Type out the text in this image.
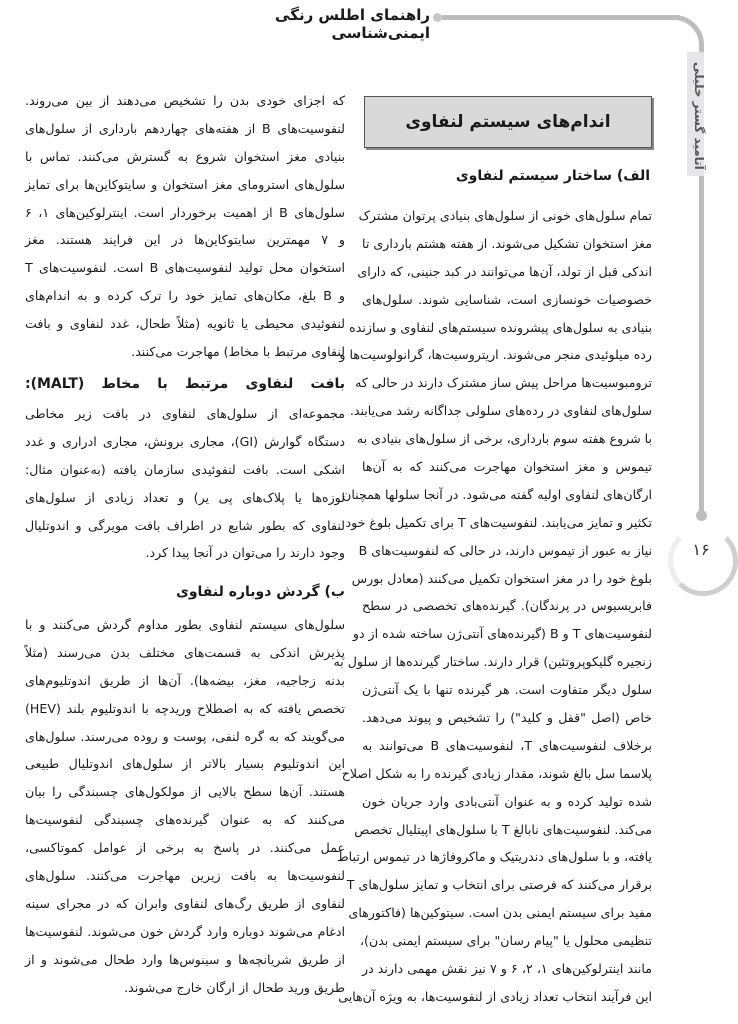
راهنمای اطلس رنگی ایمنی‌شناسی
آتامید گستر خلیلی
۱۶
اندام‌های سیستم لنفاوی
الف) ساختار سیستم لنفاوی
تمام سلول‌های خونی از سلول‌های بنیادی پرتوان مشترک
مغز استخوان تشکیل می‌شوند. از هفته هشتم بارداری تا
اندکی قبل از تولد، آن‌ها می‌توانند در کبد جنینی، که دارای
خصوصیات خونسازی است، شناسایی شوند. سلول‌های
بنیادی به سلول‌های پیشرونده سیستم‌های لنفاوی و سازنده
رده میلوئیدی منجر می‌شوند. اریتروسیت‌ها، گرانولوسیت‌ها و
ترومبوسیت‌ها مراحل پیش ساز مشترک دارند در حالی که
سلول‌های لنفاوی در رده‌های سلولی جداگانه رشد می‌یابند.
با شروع هفته سوم بارداری، برخی از سلول‌های بنیادی به
تیموس و مغز استخوان مهاجرت می‌کنند که به آن‌ها
ارگان‌های لنفاوی اولیه گفته می‌شود. در آنجا سلولها همچنان
تکثیر و تمایز می‌یابند. لنفوسیت‌های T برای تکمیل بلوغ خود
نیاز به عبور از تیموس دارند، در حالی که لنفوسیت‌های B
بلوغ خود را در مغز استخوان تکمیل می‌کنند (معادل بورس
فابریسیوس در پرندگان). گیرنده‌های تخصصی در سطح
لنفوسیت‌های T و B (گیرنده‌های آنتی‌ژن ساخته شده از دو
زنجیره گلیکوپروتئین) قرار دارند. ساختار گیرنده‌ها از سلول به
سلول دیگر متفاوت است. هر گیرنده تنها با یک آنتی‌ژن
خاص (اصل "قفل و کلید") را تشخیص و پیوند می‌دهد.
برخلاف لنفوسیت‌های T، لنفوسیت‌های B می‌توانند به
پلاسما سل بالغ شوند، مقدار زیادی گیرنده را به شکل اصلاح
شده تولید کرده و به عنوان آنتی‌بادی وارد جریان خون
می‌کند. لنفوسیت‌های نابالغ T با سلول‌های اپیتلیال تخصص
یافته، و با سلول‌های دندریتیک و ماکروفاژها در تیموس ارتباط
برقرار می‌کنند که فرصتی برای انتخاب و تمایز سلول‌های T
مفید برای سیستم ایمنی بدن است. سیتوکین‌ها (فاکتورهای
تنظیمی محلول یا "پیام رسان" برای سیستم ایمنی بدن)،
مانند اینترلوکین‌های ۱، ۲، ۶ و ۷ نیز نقش مهمی دارند در
این فرآیند انتخاب تعداد زیادی از لنفوسیت‌ها، به ویژه آن‌هایی
که اجزای خودی بدن را تشخیص می‌دهند از بین می‌روند.
لنفوسیت‌های B از هفته‌های چهاردهم بارداری از سلول‌های
بنیادی مغز استخوان شروع به گسترش می‌کنند. تماس با
سلول‌های استرومای مغز استخوان و سایتوکاین‌ها برای تمایز
سلول‌های B از اهمیت برخوردار است. اینترلوکین‌های ۱، ۶
و ۷ مهمترین سایتوکاین‌ها در این فرایند هستند. مغز
استخوان محل تولید لنفوسیت‌های B است. لنفوسیت‌های T
و B بلغ، مکان‌های تمایز خود را ترک کرده و به اندام‌های
لنفوئیدی محیطی یا ثانویه (مثلاً طحال، غدد لنفاوی و بافت
لنفاوی مرتبط با مخاط) مهاجرت می‌کنند.
بافت لنفاوی مرتبط با مخاط (MALT):
مجموعه‌ای از سلول‌های لنفاوی در بافت زیر مخاطی
دستگاه گوارش (GI)، مجاری برونش، مجاری ادراری و غدد
اشکی است. بافت لنفوئیدی سازمان یافته (به‌عنوان مثال:
لوزه‌ها یا پلاک‌های پی یر) و تعداد زیادی از سلول‌های
لنفاوی که بطور شایع در اطراف بافت مویرگی و اندوتلیال
وجود دارند را می‌توان در آنجا پیدا کرد.
ب) گردش دوباره لنفاوی
سلول‌های سیستم لنفاوی بطور مداوم گردش می‌کنند و با
پذیرش اندکی به قسمت‌های مختلف بدن می‌رسند (مثلاً
بدنه زجاجیه، مغز، بیضه‌ها). آن‌ها از طریق اندوتلیوم‌های
تخصص یافته که به اصطلاح وریدچه با اندوتلیوم بلند (HEV)
می‌گویند که به گره لنفی، پوست و روده می‌رسند. سلول‌های
این اندوتلیوم بسیار بالاتر از سلول‌های اندوتلیال طبیعی
هستند. آن‌ها سطح بالایی از مولکول‌های چسبندگی را بیان
می‌کنند که به عنوان گیرنده‌های چسبندگی لنفوسیت‌ها
عمل می‌کنند. در پاسخ به برخی از عوامل کموتاکسی،
لنفوسیت‌ها به بافت زیرین مهاجرت می‌کنند. سلول‌های
لنفاوی از طریق رگ‌های لنفاوی وابران که در مجرای سینه
ادغام می‌شوند دوباره وارد گردش خون می‌شوند. لنفوسیت‌ها
از طریق شریانچه‌ها و سینوس‌ها وارد طحال می‌شوند و از
طریق ورید طحال از ارگان خارج می‌شوند.
